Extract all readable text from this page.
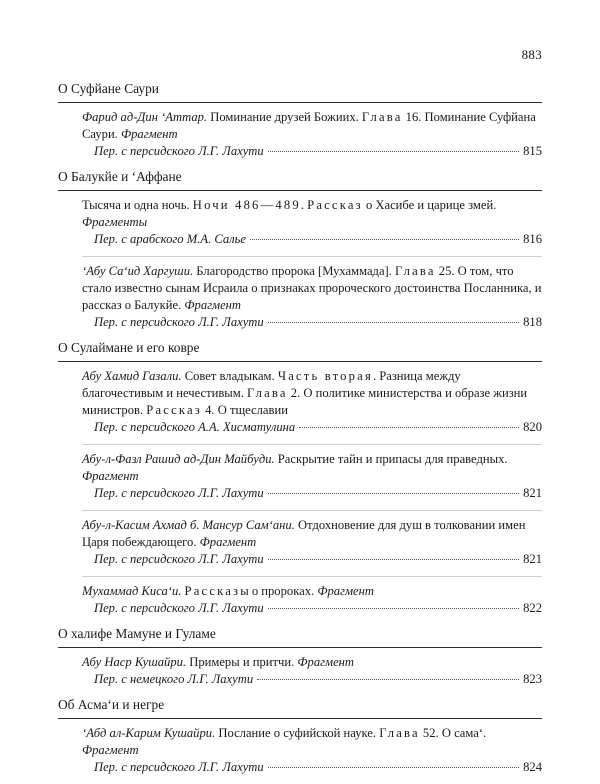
883
О Суфйане Саури
Фарид ад-Дин ʻАттар. Поминание друзей Божиих. Глава 16. Поминание Суфйана Саури. Фрагмент
Пер. с персидского Л.Г. Лахути	815
О Балукйе и ʻАффане
Тысяча и одна ночь. Ночи 486—489. Рассказ о Хасибе и царице змей. Фрагменты
Пер. с арабского М.А. Салье	816
ʻАбу Саʻид Харгуши. Благородство пророка [Мухаммада]. Глава 25. О том, что стало известно сынам Исраила о признаках пророческого достоинства Посланника, и рассказ о Балукйе. Фрагмент
Пер. с персидского Л.Г. Лахути	818
О Сулаймане и его ковре
Абу Хамид Газали. Совет владыкам. Часть вторая. Разница между благочестивым и нечестивым. Глава 2. О политике министерства и образе жизни министров. Рассказ 4. О тщеславии
Пер. с персидского А.А. Хисматулина	820
Абу-л-Фазл Рашид ад-Дин Майбуди. Раскрытие тайн и припасы для праведных. Фрагмент
Пер. с персидского Л.Г. Лахути	821
Абу-л-Касим Ахмад б. Мансур Самʻани. Отдохновение для душ в толковании имен Царя побеждающего. Фрагмент
Пер. с персидского Л.Г. Лахути	821
Мухаммад Кисаʻи. Рассказы о пророках. Фрагмент
Пер. с персидского Л.Г. Лахути	822
О халифе Мамуне и Гуламе
Абу Наср Кушайри. Примеры и притчи. Фрагмент
Пер. с немецкого Л.Г. Лахути	823
Об Асмаʻи и негре
ʻАбд ал-Карим Кушайри. Послание о суфийской науке. Глава 52. О самаʻ. Фрагмент
Пер. с персидского Л.Г. Лахути	824
